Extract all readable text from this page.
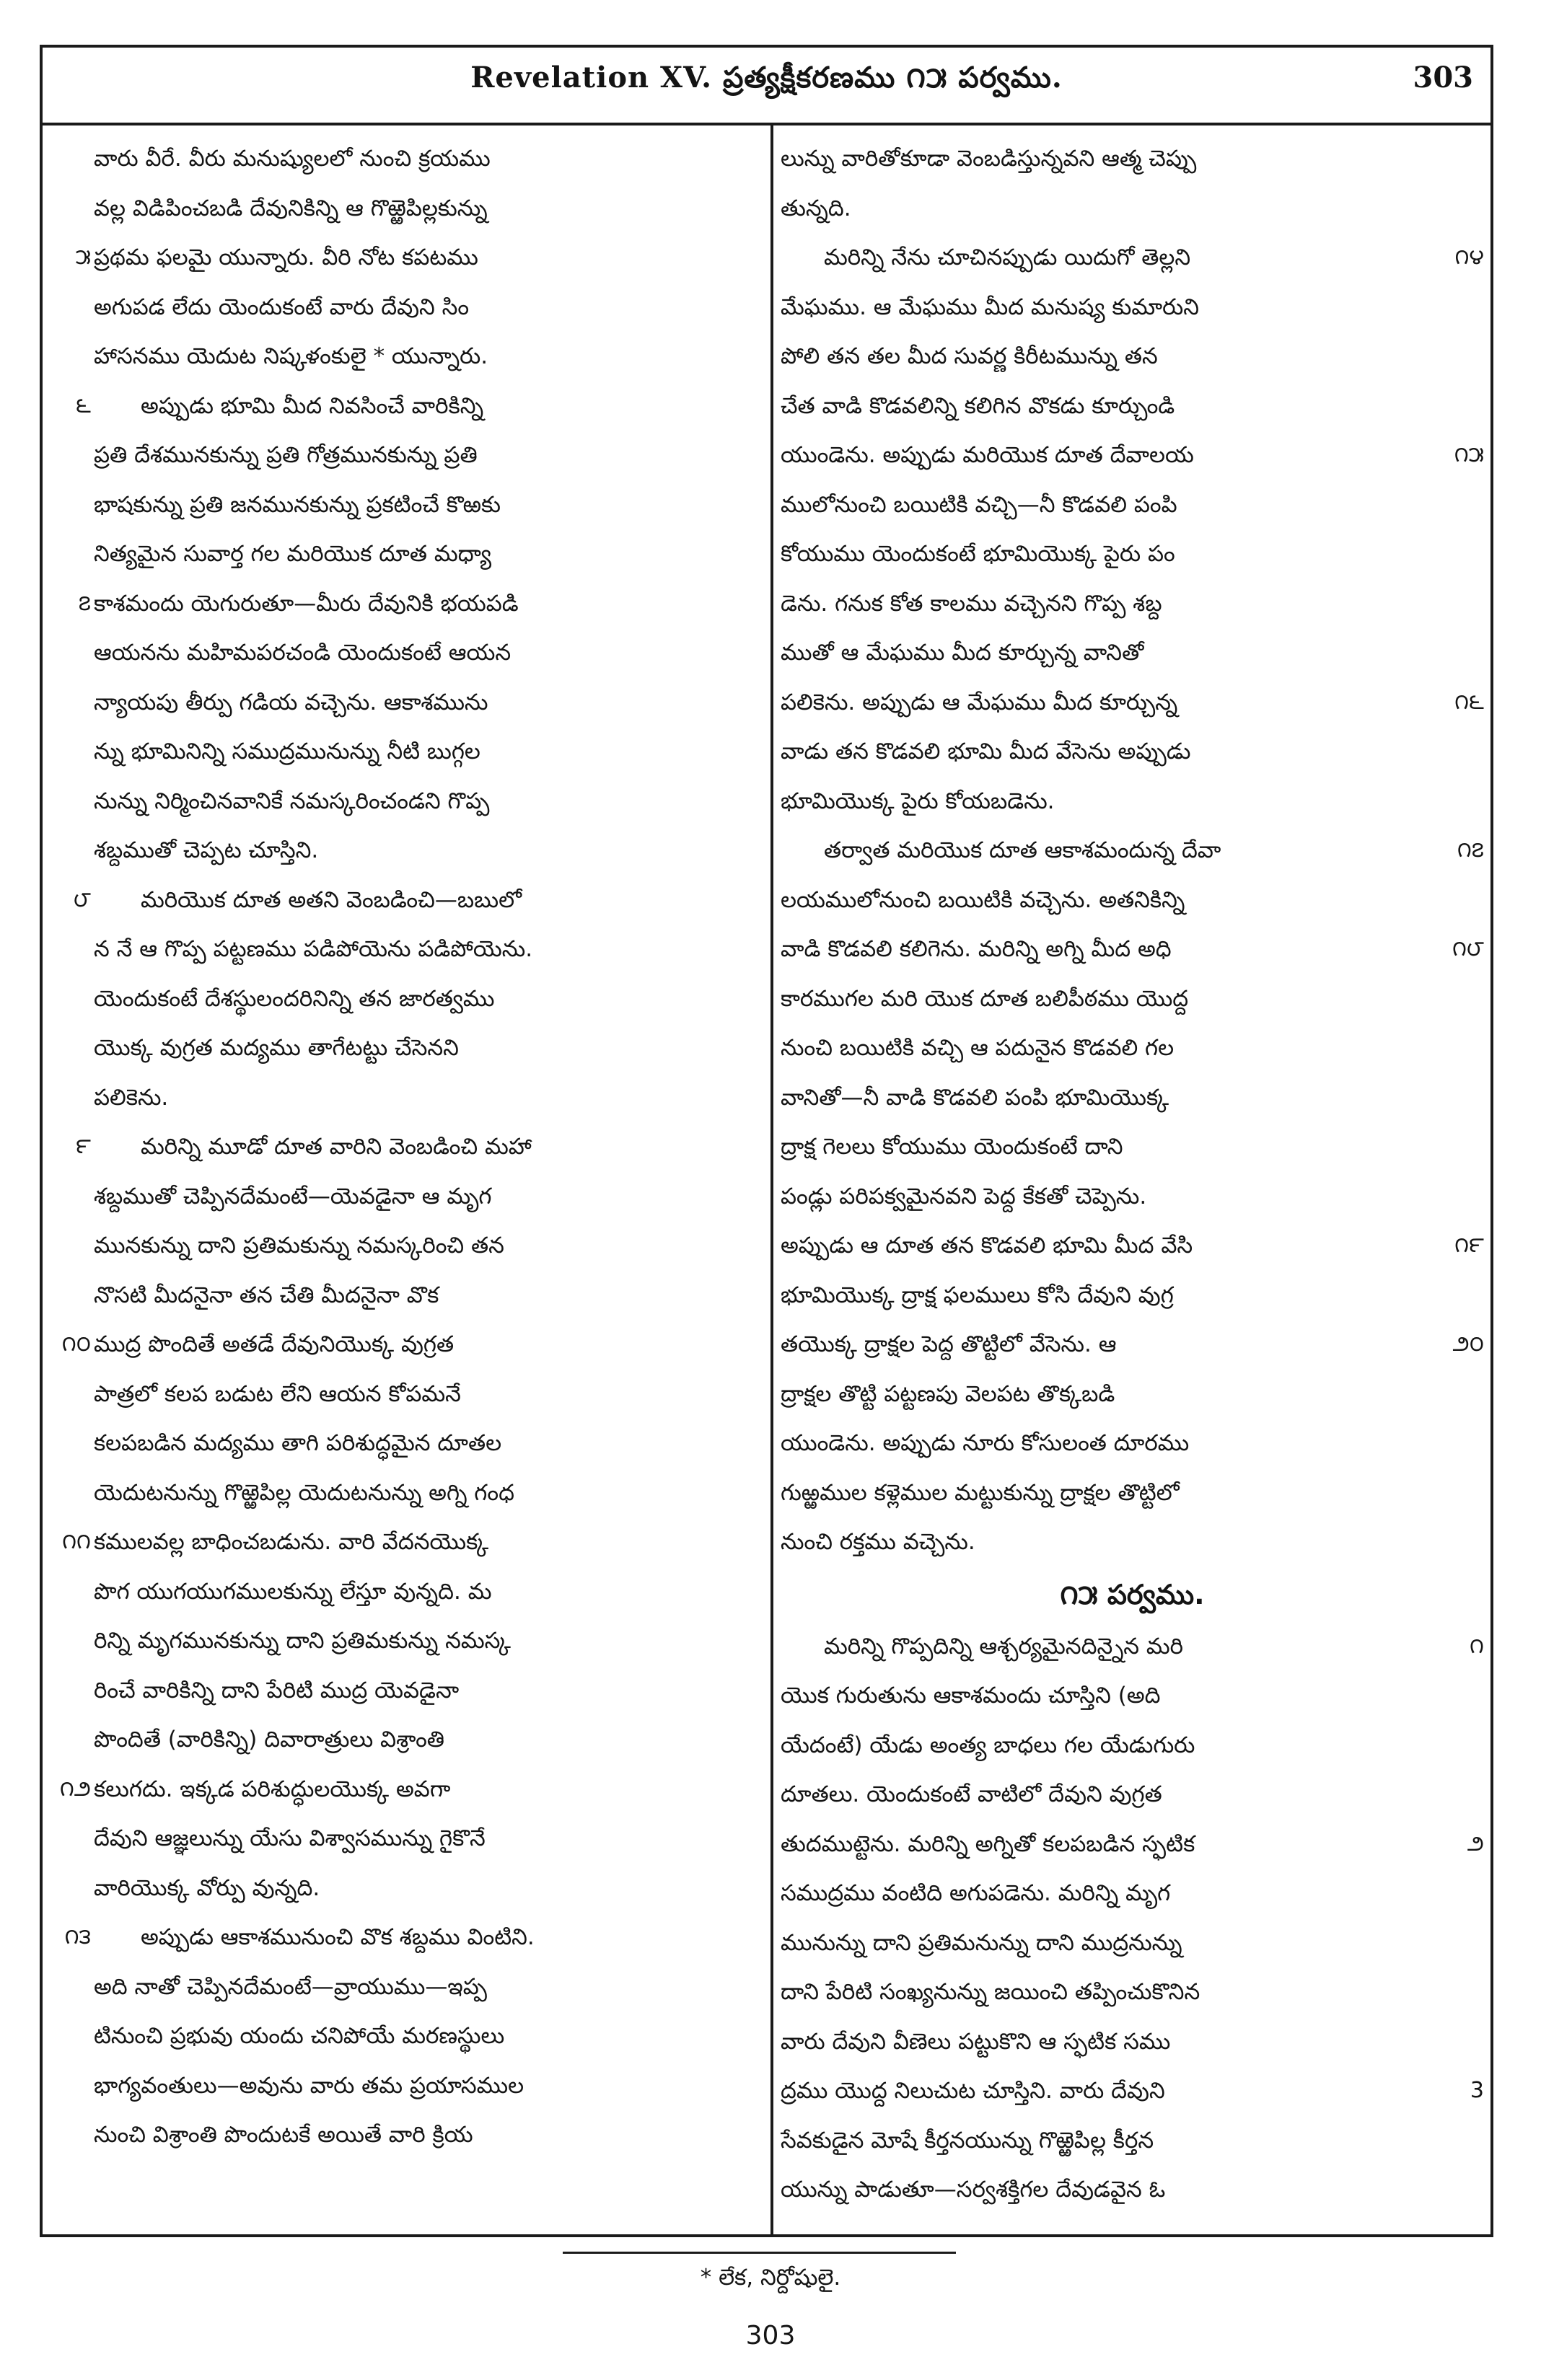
Revelation XV. ప్రత్యక్షీకరణము ౧౫ పర్వము.	303
వారు వీరే. వీరు మనుష్యులలో నుంచి క్రయము
వల్ల విడిపించబడి దేవునికిన్ని ఆ గొఱ్ఱెపిల్లకున్ను
౫ ప్రథమ ఫలమై యున్నారు. వీరి నోట కపటము
అగుపడ లేదు యెందుకంటే వారు దేవుని సిం
హాసనము యెదుట నిష్కళంకులై * యున్నారు.
౬ అప్పుడు భూమి మీద నివసించే వారికిన్ని
ప్రతి దేశమునకున్ను ప్రతి గోత్రమునకున్ను ప్రతి
భాషకున్ను ప్రతి జనమునకున్ను ప్రకటించే కొఱకు
నిత్యమైన సువార్త గల మరియొక దూత మధ్యా
౭ కాశమందు యెగురుతూ—మీరు దేవునికి భయపడి
ఆయనను మహిమపరచండి యెందుకంటే ఆయన
న్యాయపు తీర్పు గడియ వచ్చెను. ఆకాశమును
న్ను భూమినిన్ని సముద్రమునున్ను నీటి బుగ్గల
నున్ను నిర్మించినవానికే నమస్కరించండని గొప్ప
శబ్దముతో చెప్పట చూస్తిని.
౮ మరియొక దూత అతని వెంబడించి—బబులో
న నే ఆ గొప్ప పట్టణము పడిపోయెను పడిపోయెను.
యెందుకంటే దేశస్థులందరినిన్ని తన జారత్వము
యొక్క వుగ్రత మద్యము తాగేటట్టు చేసెనని
పలికెను.
౯ మరిన్ని మూడో దూత వారిని వెంబడించి మహా
శబ్దముతో చెప్పినదేమంటే—యెవడైనా ఆ మృగ
మునకున్ను దాని ప్రతిమకున్ను నమస్కరించి తన
నొసటి మీదనైనా తన చేతి మీదనైనా వొక
౧౦ ముద్ర పొందితే అతడే దేవునియొక్క వుగ్రత
పాత్రలో కలప బడుట లేని ఆయన కోపమనే
కలపబడిన మద్యము తాగి పరిశుద్ధమైన దూతల
యెదుటనున్ను గొఱ్ఱెపిల్ల యెదుటనున్ను అగ్ని గంధ
౧౧ కములవల్ల బాధించబడును. వారి వేదనయొక్క
పొగ యుగయుగములకున్ను లేస్తూ వున్నది. మ
రిన్ని మృగమునకున్ను దాని ప్రతిమకున్ను నమస్క
రించే వారికిన్ని దాని పేరిటి ముద్ర యెవడైనా
పొందితే (వారికిన్ని) దివారాత్రులు విశ్రాంతి
౧౨ కలుగదు. ఇక్కడ పరిశుద్ధులయొక్క అవగా
దేవుని ఆజ్ఞలున్ను యేసు విశ్వాసమున్ను గైకొనే
వారియొక్క వోర్పు వున్నది.
౧౩ అప్పుడు ఆకాశమునుంచి వొక శబ్దము వింటిని.
అది నాతో చెప్పినదేమంటే—వ్రాయుము—ఇప్ప
టినుంచి ప్రభువు యందు చనిపోయే మరణస్థులు
భాగ్యవంతులు—అవును వారు తమ ప్రయాసముల
నుంచి విశ్రాంతి పొందుటకే అయితే వారి క్రియ
లున్ను వారితోకూడా వెంబడిస్తున్నవని ఆత్మ చెప్పు
తున్నది.
౧౪
మరిన్ని నేను చూచినప్పుడు యిదుగో తెల్లని
మేఘము. ఆ మేఘము మీద మనుష్య కుమారుని
పోలి తన తల మీద సువర్ణ కిరీటమున్ను తన
చేత వాడి కొడవలిన్ని కలిగిన వొకడు కూర్చుండి
౧౫
యుండెను. అప్పుడు మరియొక దూత దేవాలయ
ములోనుంచి బయిటికి వచ్చి—నీ కొడవలి పంపి
కోయుము యెందుకంటే భూమియొక్క పైరు పం
డెను. గనుక కోత కాలము వచ్చెనని గొప్ప శబ్ద
ముతో ఆ మేఘము మీద కూర్చున్న వానితో
౧౬
పలికెను. అప్పుడు ఆ మేఘము మీద కూర్చున్న
వాడు తన కొడవలి భూమి మీద వేసెను అప్పుడు
భూమియొక్క పైరు కోయబడెను.
౧౭
తర్వాత మరియొక దూత ఆకాశమందున్న దేవా
లయములోనుంచి బయిటికి వచ్చెను. అతనికిన్ని
౧౮
వాడి కొడవలి కలిగెను. మరిన్ని అగ్ని మీద అధి
కారముగల మరి యొక దూత బలిపీఠము యొద్ద
నుంచి బయిటికి వచ్చి ఆ పదునైన కొడవలి గల
వానితో—నీ వాడి కొడవలి పంపి భూమియొక్క
ద్రాక్ష గెలలు కోయుము యెందుకంటే దాని
పండ్లు పరిపక్వమైనవని పెద్ద కేకతో చెప్పెను.
౧౯
అప్పుడు ఆ దూత తన కొడవలి భూమి మీద వేసి
భూమియొక్క ద్రాక్ష ఫలములు కోసి దేవుని వుగ్ర
౨౦
తయొక్క ద్రాక్షల పెద్ద తొట్టిలో వేసెను. ఆ
ద్రాక్షల తొట్టి పట్టణపు వెలపట తొక్కబడి
యుండెను. అప్పుడు నూరు కోసులంత దూరము
గుఱ్ఱముల కళ్లెముల మట్టుకున్ను ద్రాక్షల తొట్టిలో
నుంచి రక్తము వచ్చెను.
౧౫ పర్వము.
౧
మరిన్ని గొప్పదిన్ని ఆశ్చర్యమైనదిన్నైన మరి
యొక గురుతును ఆకాశమందు చూస్తిని (అది
యేదంటే) యేడు అంత్య బాధలు గల యేడుగురు
దూతలు. యెందుకంటే వాటిలో దేవుని వుగ్రత
౨
తుదముట్టెను. మరిన్ని అగ్నితో కలపబడిన స్ఫటిక
సముద్రము వంటిది అగుపడెను. మరిన్ని మృగ
మునున్ను దాని ప్రతిమనున్ను దాని ముద్రనున్ను
దాని పేరిటి సంఖ్యనున్ను జయించి తప్పించుకొనిన
వారు దేవుని వీణెలు పట్టుకొని ఆ స్ఫటిక సము
3
ద్రము యొద్ద నిలుచుట చూస్తిని. వారు దేవుని
సేవకుడైన మోషే కీర్తనయున్ను గొఱ్ఱెపిల్ల కీర్తన
యున్ను పాడుతూ—సర్వశక్తిగల దేవుడవైన ఓ
* లేక, నిర్దోషులై.
303
